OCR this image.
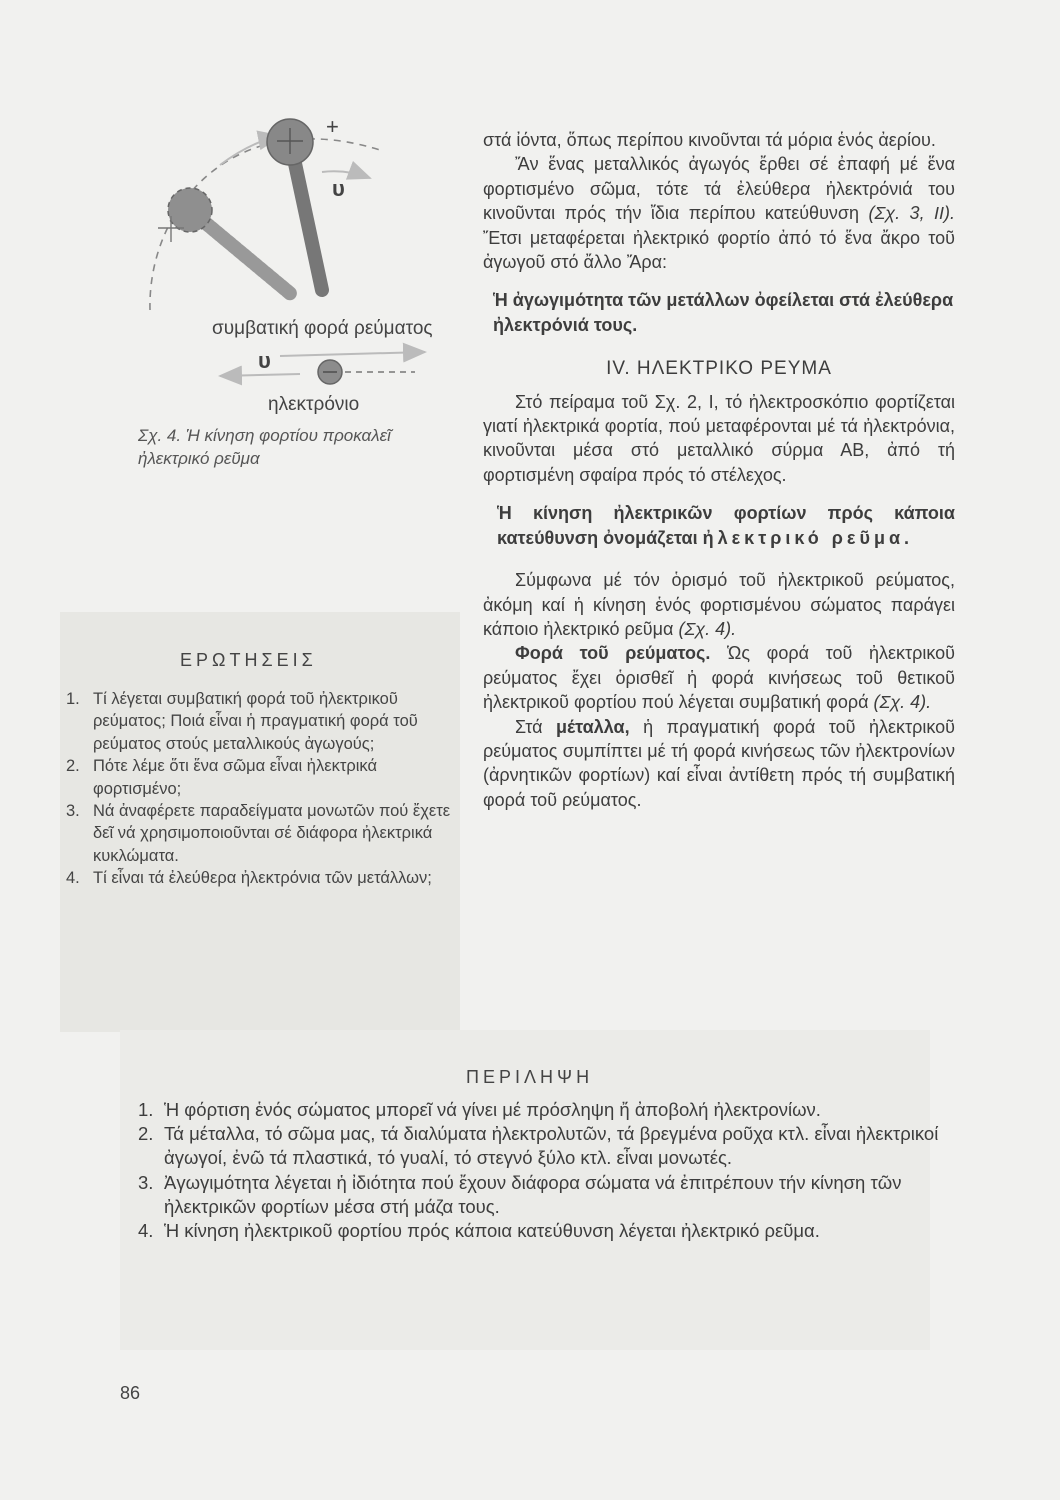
+
υ
συμβατική φορά ρεύματος
υ
ηλεκτρόνιο
Σχ. 4. Ἡ κίνηση φορτίου προκαλεῖ ἠλεκτρικό ρεῦμα
ΕΡΩΤΗΣΕΙΣ
1. Τί λέγεται συμβατική φορά τοῦ ἠλεκτρικοῦ ρεύματος; Ποιά εἶναι ἡ πραγματική φορά τοῦ ρεύματος στούς μεταλλικούς ἀγωγούς;
2. Πότε λέμε ὅτι ἕνα σῶμα εἶναι ἠλεκτρικά φορτισμένο;
3. Νά ἀναφέρετε παραδείγματα μονωτῶν πού ἔχετε δεῖ νά χρησιμοποιοῦνται σέ διάφορα ἠλεκτρικά κυκλώματα.
4. Τί εἶναι τά ἐλεύθερα ἠλεκτρόνια τῶν μετάλλων;

στά ἰόντα, ὅπως περίπου κινοῦνται τά μόρια ἑνός ἀερίου.

Ἄν ἕνας μεταλλικός ἀγωγός ἔρθει σέ ἐπαφή μέ ἕνα φορτισμένο σῶμα, τότε τά ἐλεύθερα ἠλεκτρόνιά του κινοῦνται πρός τήν ἴδια περίπου κατεύθυνση (Σχ. 3, ΙΙ). Ἔτσι μεταφέρεται ἠλεκτρικό φορτίο ἀπό τό ἕνα ἄκρο τοῦ ἀγωγοῦ στό ἄλλο Ἄρα:

Ἡ ἀγωγιμότητα τῶν μετάλλων ὀφείλεται στά ἐλεύθερα ἠλεκτρόνιά τους.

IV. ΗΛΕΚΤΡΙΚΟ ΡΕΥΜΑ

Στό πείραμα τοῦ Σχ. 2, Ι, τό ἠλεκτροσκόπιο φορτίζεται γιατί ἠλεκτρικά φορτία, πού μεταφέρονται μέ τά ἠλεκτρόνια, κινοῦνται μέσα στό μεταλλικό σύρμα ΑΒ, ἀπό τή φορτισμένη σφαίρα πρός τό στέλεχος.

Ἡ κίνηση ἠλεκτρικῶν φορτίων πρός κάποια κατεύθυνση ὀνομάζεται ἠλεκτρικό ρεῦμα.

Σύμφωνα μέ τόν ὁρισμό τοῦ ἠλεκτρικοῦ ρεύματος, ἀκόμη καί ἡ κίνηση ἑνός φορτισμένου σώματος παράγει κάποιο ἠλεκτρικό ρεῦμα (Σχ. 4).

Φορά τοῦ ρεύματος. Ὡς φορά τοῦ ἠλεκτρικοῦ ρεύματος ἔχει ὁρισθεῖ ἡ φορά κινήσεως τοῦ θετικοῦ ἠλεκτρικοῦ φορτίου πού λέγεται συμβατική φορά (Σχ. 4).

Στά μέταλλα, ἡ πραγματική φορά τοῦ ἠλεκτρικοῦ ρεύματος συμπίπτει μέ τή φορά κινήσεως τῶν ἠλεκτρονίων (ἀρνητικῶν φορτίων) καί εἶναι ἀντίθετη πρός τή συμβατική φορά τοῦ ρεύματος.

ΠΕΡΙΛΗΨΗ
1. Ἡ φόρτιση ἑνός σώματος μπορεῖ νά γίνει μέ πρόσληψη ἤ ἀποβολή ἠλεκτρονίων.
2. Τά μέταλλα, τό σῶμα μας, τά διαλύματα ἠλεκτρολυτῶν, τά βρεγμένα ροῦχα κτλ. εἶναι ἠλεκτρικοί ἀγωγοί, ἐνῶ τά πλαστικά, τό γυαλί, τό στεγνό ξύλο κτλ. εἶναι μονωτές.
3. Ἀγωγιμότητα λέγεται ἡ ἰδιότητα πού ἔχουν διάφορα σώματα νά ἐπιτρέπουν τήν κίνηση τῶν ἠλεκτρικῶν φορτίων μέσα στή μάζα τους.
4. Ἡ κίνηση ἠλεκτρικοῦ φορτίου πρός κάποια κατεύθυνση λέγεται ἠλεκτρικό ρεῦμα.
86
